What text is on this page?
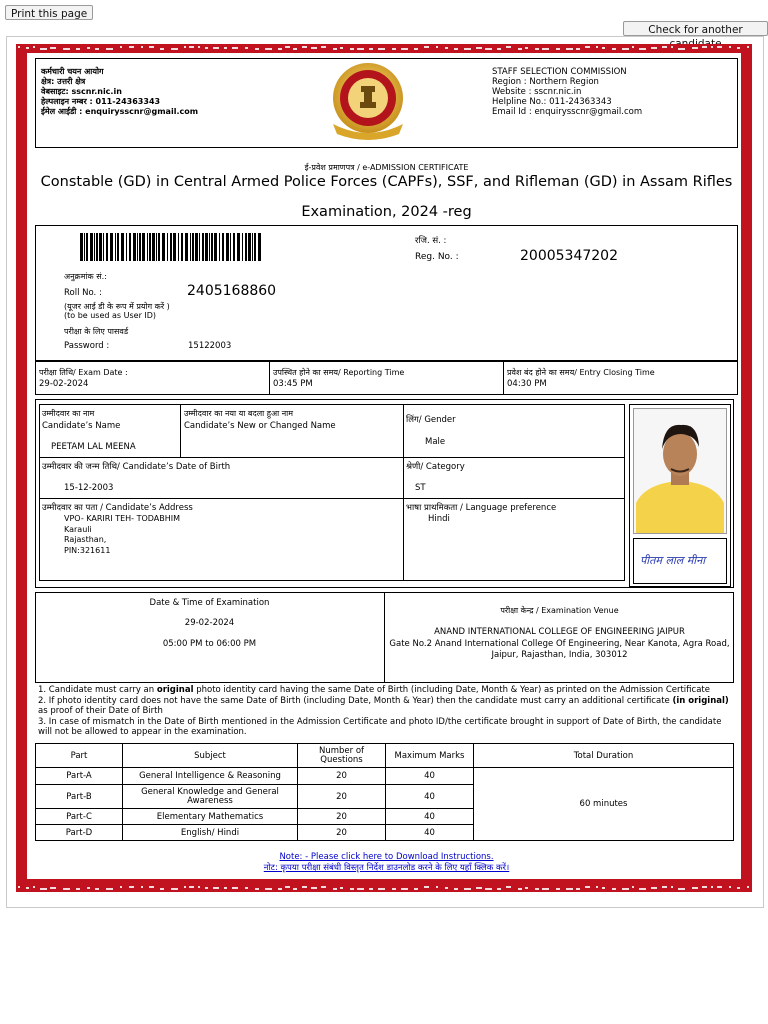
Print this page
Check for another
कर्मचारी चयन आयोग
क्षेत्र: उत्तरी क्षेत्र
वेबसाइट: sscnr.nic.in
हेल्पलाइन नम्बर : 011-24363343
ईमेल आईडी : enquirysscnr@gmail.com
STAFF SELECTION COMMISSION
Region : Northern Region
Website : sscnr.nic.in
Helpline No.: 011-24363343
Email Id : enquirysscnr@gmail.com
ई-प्रवेश प्रमाणपत्र / e-ADMISSION CERTIFICATE
Constable (GD) in Central Armed Police Forces (CAPFs), SSF, and Rifleman (GD) in Assam Rifles
Examination, 2024 -reg
रजि. सं. :
Reg. No. :	20005347202
अनुक्रमांक सं.:
Roll No. :	2405168860
(यूजर आई डी के रूप में प्रयोग करें )
(to be used as User ID)
परीक्षा के लिए पासवर्ड
Password :	15122003
परीक्षा तिथि/ Exam Date :
29-02-2024
उपस्थित होने का समय/ Reporting Time
03:45 PM
प्रवेश बंद होने का समय/ Entry Closing Time
04:30 PM
उम्मीदवार का नाम
Candidate’s Name
PEETAM LAL MEENA
उम्मीदवार का नया या बदला हुआ नाम
Candidate’s New or Changed Name
लिंग/ Gender
Male
उम्मीदवार की जन्म तिथि/ Candidate’s Date of Birth
15-12-2003
श्रेणी/ Category
ST
उम्मीदवार का पता / Candidate’s Address
VPO- KARIRI TEH- TODABHIM
Karauli
Rajasthan,
PIN:321611
भाषा प्राथमिकता / Language preference
Hindi
पीतम लाल मीना
Date & Time of Examination
29-02-2024
05:00 PM to 06:00 PM
परीक्षा केन्द्र / Examination Venue
ANAND INTERNATIONAL COLLEGE OF ENGINEERING JAIPUR
Gate No.2 Anand International College Of Engineering, Near Kanota, Agra Road,
Jaipur, Rajasthan, India, 303012
1. Candidate must carry an original photo identity card having the same Date of Birth (including Date, Month & Year) as printed on the Admission Certificate
2. If photo identity card does not have the same Date of Birth (including Date, Month & Year) then the candidate must carry an additional certificate (in original) as proof of their Date of Birth
3. In case of mismatch in the Date of Birth mentioned in the Admission Certificate and photo ID/the certificate brought in support of Date of Birth, the candidate will not be allowed to appear in the examination.
Part	Subject	Number of Questions	Maximum Marks	Total Duration
Part-A	General Intelligence & Reasoning	20	40	60 minutes
Part-B	General Knowledge and General Awareness	20	40	
Part-C	Elementary Mathematics	20	40	
Part-D	English/ Hindi	20	40	
Note: - Please click here to Download Instructions.
नोट: कृपया परीक्षा संबंधी विस्तृत निर्देश डाउनलोड करने के लिए यहाँ क्लिक करें।
